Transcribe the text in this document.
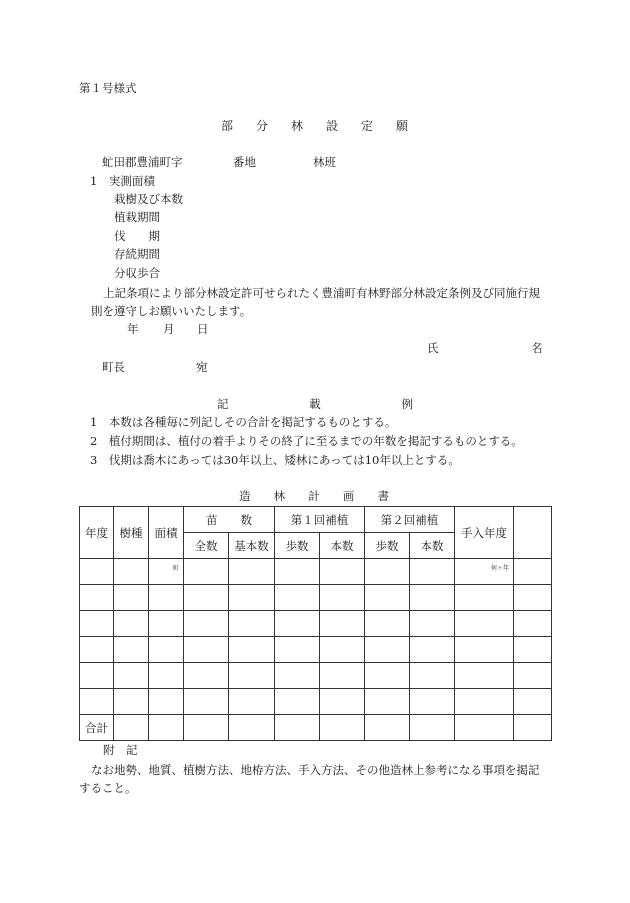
第１号様式
部分林設定願
虻田郡豊浦町字	番地	林班
1　実測面積
栽樹及び本数
植栽期間
伐　　期
存続期間
分収歩合
上記条項により部分林設定許可せられたく豊浦町有林野部分林設定条例及び同施行規
則を遵守しお願いいたします。
年 月 日
氏	名
町長	宛
記載例
1　本数は各種毎に列記しその合計を掲記するものとする。
2　植付期間は、植付の着手よりその終了に至るまでの年数を掲記するものとする。
3　伐期は喬木にあっては30年以上、矮林にあっては10年以上とする。
造林計画書
年度	樹種	面積	苗　　数		第１回補植		第２回補植		手入年度	
			全数	基本数	歩数	本数	歩数	本数		
		町							何ヶ年	

合計										
附　記
なお地勢、地質、植樹方法、地栫方法、手入方法、その他造林上参考になる事項を掲記
すること。
